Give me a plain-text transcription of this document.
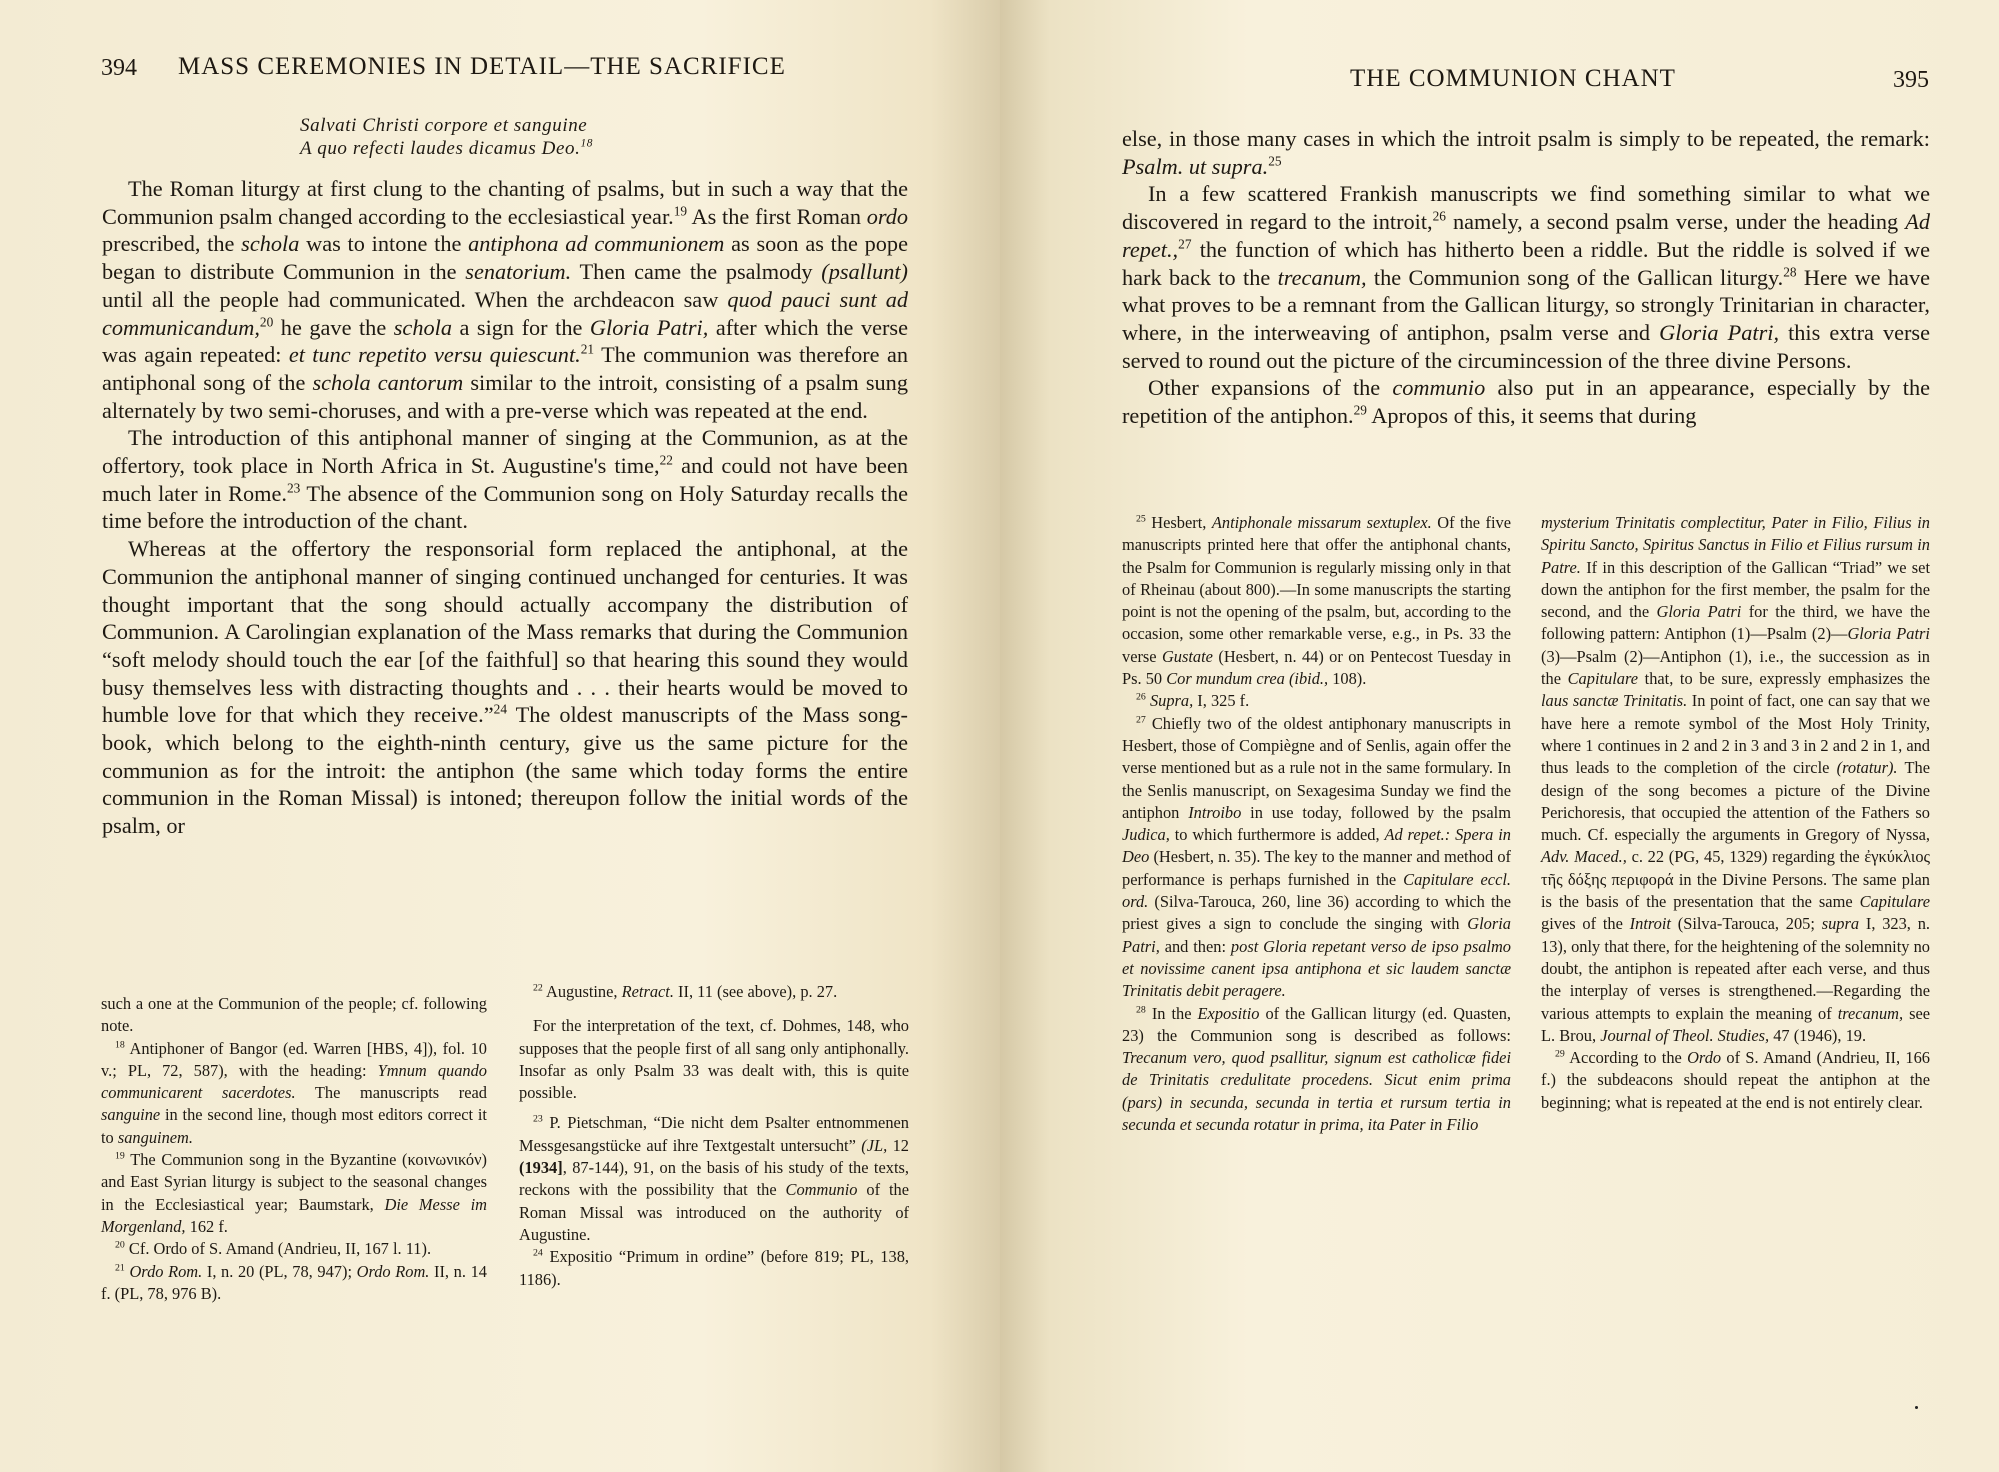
394 MASS CEREMONIES IN DETAIL—THE SACRIFICE
Salvati Christi corpore et sanguine
A quo refecti laudes dicamus Deo.$^{18}$

The Roman liturgy at first clung to the chanting of psalms, but in such a way that the Communion psalm changed according to the ecclesiastical year.$^{19}$ As the first Roman ordo prescribed, the schola was to intone the antiphona ad communionem as soon as the pope began to distribute Communion in the senatorium. Then came the psalmody (psallunt) until all the people had communicated. When the archdeacon saw quod pauci sunt ad communicandum,$^{20}$ he gave the schola a sign for the Gloria Patri, after which the verse was again repeated: et tunc repetito versu quiescunt.$^{21}$ The communion was therefore an antiphonal song of the schola cantorum similar to the introit, consisting of a psalm sung alternately by two semi-choruses, and with a pre-verse which was repeated at the end.

The introduction of this antiphonal manner of singing at the Communion, as at the offertory, took place in North Africa in St. Augustine's time,$^{22}$ and could not have been much later in Rome.$^{23}$ The absence of the Communion song on Holy Saturday recalls the time before the introduction of the chant.

Whereas at the offertory the responsorial form replaced the antiphonal, at the Communion the antiphonal manner of singing continued unchanged for centuries. It was thought important that the song should actually accompany the distribution of Communion. A Carolingian explanation of the Mass remarks that during the Communion “soft melody should touch the ear [of the faithful] so that hearing this sound they would busy themselves less with distracting thoughts and . . . their hearts would be moved to humble love for that which they receive.”$^{24}$ The oldest manuscripts of the Mass song-book, which belong to the eighth-ninth century, give us the same picture for the communion as for the introit: the antiphon (the same which today forms the entire communion in the Roman Missal) is intoned; thereupon follow the initial words of the psalm, or

such a one at the Communion of the people; cf. following note.

$^{18}$ Antiphoner of Bangor (ed. Warren [HBS, 4]), fol. 10 v.; PL, 72, 587), with the heading: Ymnum quando communicarent sacerdotes. The manuscripts read sanguine in the second line, though most editors correct it to sanguinem.

$^{19}$ The Communion song in the Byzantine (κοινωνικόν) and East Syrian liturgy is subject to the seasonal changes in the Ecclesiastical year; Baumstark, Die Messe im Morgenland, 162 f.

$^{20}$ Cf. Ordo of S. Amand (Andrieu, II, 167 l. 11).

$^{21}$ Ordo Rom. I, n. 20 (PL, 78, 947); Ordo Rom. II, n. 14 f. (PL, 78, 976 B).

$^{22}$ Augustine, Retract. II, 11 (see above), p. 27.

For the interpretation of the text, cf. Dohmes, 148, who supposes that the people first of all sang only antiphonally. Insofar as only Psalm 33 was dealt with, this is quite possible.

$^{23}$ P. Pietschman, “Die nicht dem Psalter entnommenen Messgesangstücke auf ihre Textgestalt untersucht” (JL, 12 (1934], 87-144), 91, on the basis of his study of the texts, reckons with the possibility that the Communio of the Roman Missal was introduced on the authority of Augustine.

$^{24}$ Expositio “Primum in ordine” (before 819; PL, 138, 1186).

THE COMMUNION CHANT	395

else, in those many cases in which the introit psalm is simply to be repeated, the remark: Psalm. ut supra.$^{25}$

In a few scattered Frankish manuscripts we find something similar to what we discovered in regard to the introit,$^{26}$ namely, a second psalm verse, under the heading Ad repet.,$^{27}$ the function of which has hitherto been a riddle. But the riddle is solved if we hark back to the trecanum, the Communion song of the Gallican liturgy.$^{28}$ Here we have what proves to be a remnant from the Gallican liturgy, so strongly Trinitarian in character, where, in the interweaving of antiphon, psalm verse and Gloria Patri, this extra verse served to round out the picture of the circumincession of the three divine Persons.

Other expansions of the communio also put in an appearance, especially by the repetition of the antiphon.$^{29}$ Apropos of this, it seems that during

$^{25}$ Hesbert, Antiphonale missarum sextuplex. Of the five manuscripts printed here that offer the antiphonal chants, the Psalm for Communion is regularly missing only in that of Rheinau (about 800).—In some manuscripts the starting point is not the opening of the psalm, but, according to the occasion, some other remarkable verse, e.g., in Ps. 33 the verse Gustate (Hesbert, n. 44) or on Pentecost Tuesday in Ps. 50 Cor mundum crea (ibid., 108).

$^{26}$ Supra, I, 325 f.

$^{27}$ Chiefly two of the oldest antiphonary manuscripts in Hesbert, those of Compiègne and of Senlis, again offer the verse mentioned but as a rule not in the same formulary. In the Senlis manuscript, on Sexagesima Sunday we find the antiphon Introibo in use today, followed by the psalm Judica, to which furthermore is added, Ad repet.: Spera in Deo (Hesbert, n. 35). The key to the manner and method of performance is perhaps furnished in the Capitulare eccl. ord. (Silva-Tarouca, 260, line 36) according to which the priest gives a sign to conclude the singing with Gloria Patri, and then: post Gloria repetant verso de ipso psalmo et novissime canent ipsa antiphona et sic laudem sanctæ Trinitatis debit peragere.

$^{28}$ In the Expositio of the Gallican liturgy (ed. Quasten, 23) the Communion song is described as follows: Trecanum vero, quod psallitur, signum est catholicæ fidei de Trinitatis credulitate procedens. Sicut enim prima (pars) in secunda, secunda in tertia et rursum tertia in secunda et secunda rotatur in prima, ita Pater in Filio

mysterium Trinitatis complectitur, Pater in Filio, Filius in Spiritu Sancto, Spiritus Sanctus in Filio et Filius rursum in Patre. If in this description of the Gallican “Triad” we set down the antiphon for the first member, the psalm for the second, and the Gloria Patri for the third, we have the following pattern: Antiphon (1)—Psalm (2)—Gloria Patri (3)—Psalm (2)—Antiphon (1), i.e., the succession as in the Capitulare that, to be sure, expressly emphasizes the laus sanctæ Trinitatis. In point of fact, one can say that we have here a remote symbol of the Most Holy Trinity, where 1 continues in 2 and 2 in 3 and 3 in 2 and 2 in 1, and thus leads to the completion of the circle (rotatur). The design of the song becomes a picture of the Divine Perichoresis, that occupied the attention of the Fathers so much. Cf. especially the arguments in Gregory of Nyssa, Adv. Maced., c. 22 (PG, 45, 1329) regarding the ἐγκύκλιος τῆς δόξης περιφορά in the Divine Persons. The same plan is the basis of the presentation that the same Capitulare gives of the Introit (Silva-Tarouca, 205; supra I, 323, n. 13), only that there, for the heightening of the solemnity no doubt, the antiphon is repeated after each verse, and thus the interplay of verses is strengthened.—Regarding the various attempts to explain the meaning of trecanum, see L. Brou, Journal of Theol. Studies, 47 (1946), 19.

$^{29}$ According to the Ordo of S. Amand (Andrieu, II, 166 f.) the subdeacons should repeat the antiphon at the beginning; what is repeated at the end is not entirely clear.
